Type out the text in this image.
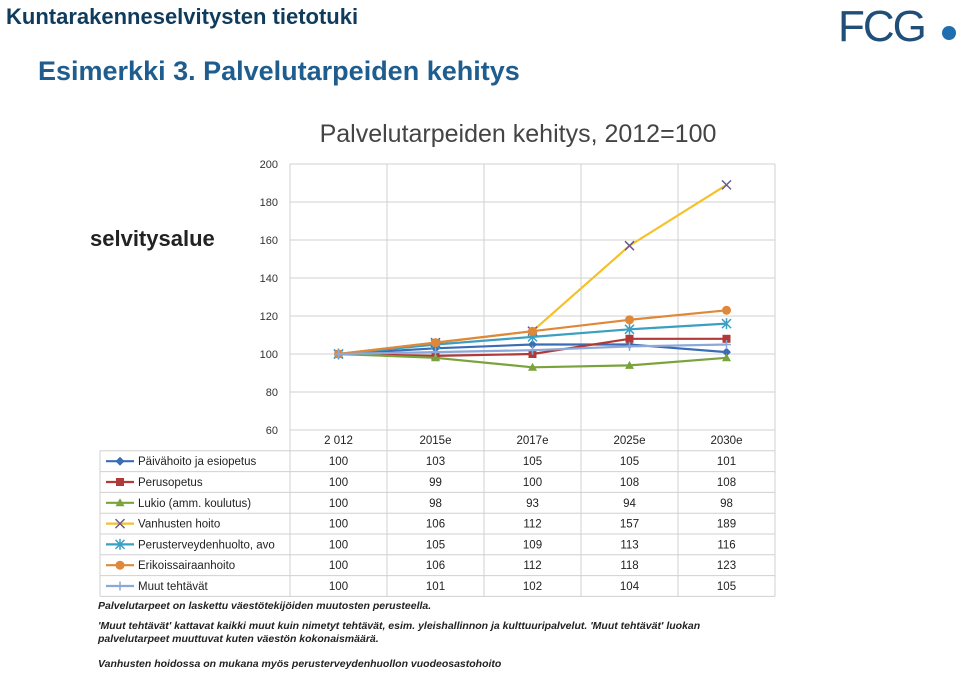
Kuntarakenneselvitysten tietotuki
Esimerkki 3. Palvelutarpeiden kehitys
FCG
selvitysalue
Palvelutarpeiden kehitys, 2012=100
200
180
160
140
120
100
80
60
2 012	2015e	2017e	2025e	2030e
Päivähoito ja esiopetus	100	103	105	105	101
Perusopetus	100	99	100	108	108
Lukio (amm. koulutus)	100	98	93	94	98
Vanhusten hoito	100	106	112	157	189
Perusterveydenhuolto, avo	100	105	109	113	116
Erikoissairaanhoito	100	106	112	118	123
Muut tehtävät	100	101	102	104	105
Palvelutarpeet on laskettu väestötekijöiden muutosten perusteella.
'Muut tehtävät' kattavat kaikki muut kuin nimetyt tehtävät, esim. yleishallinnon ja kulttuuripalvelut. 'Muut tehtävät' luokan palvelutarpeet muuttuvat kuten väestön kokonaismäärä.
Vanhusten hoidossa on mukana myös perusterveydenhuollon vuodeosastohoito
